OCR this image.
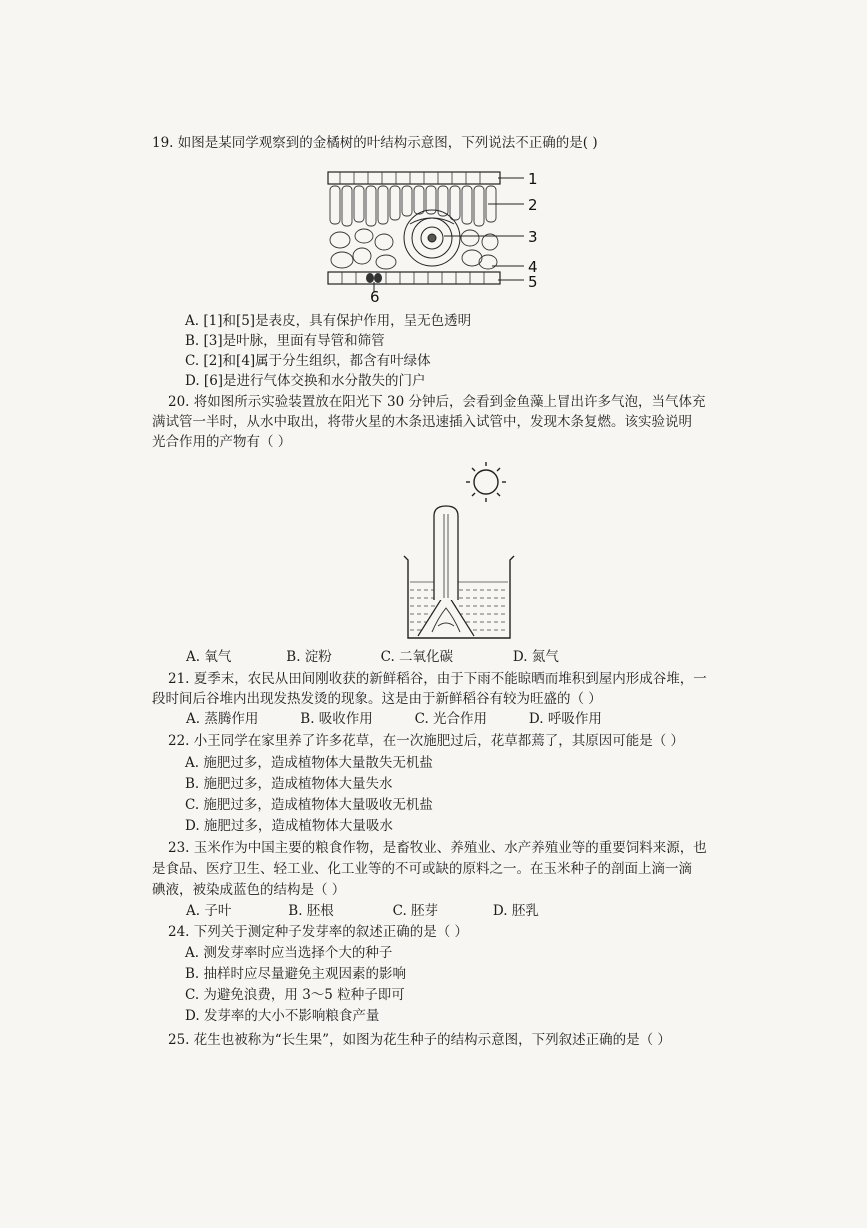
19. 如图是某同学观察到的金橘树的叶结构示意图，下列说法不正确的是( )
1
2
3
4
5
6
A. [1]和[5]是表皮，具有保护作用，呈无色透明
B. [3]是叶脉，里面有导管和筛管
C. [2]和[4]属于分生组织，都含有叶绿体
D. [6]是进行气体交换和水分散失的门户
20. 将如图所示实验装置放在阳光下 30 分钟后，会看到金鱼藻上冒出许多气泡，当气体充
满试管一半时，从水中取出，将带火星的木条迅速插入试管中，发现木条复燃。该实验说明
光合作用的产物有（ ）
A. 氧气	B. 淀粉	C. 二氧化碳	D. 氮气
21. 夏季末，农民从田间刚收获的新鲜稻谷，由于下雨不能晾晒而堆积到屋内形成谷堆，一
段时间后谷堆内出现发热发烫的现象。这是由于新鲜稻谷有较为旺盛的（ ）
A. 蒸腾作用	B. 吸收作用	C. 光合作用	D. 呼吸作用
22. 小王同学在家里养了许多花草，在一次施肥过后，花草都蔫了，其原因可能是（ ）
A. 施肥过多，造成植物体大量散失无机盐
B. 施肥过多，造成植物体大量失水
C. 施肥过多，造成植物体大量吸收无机盐
D. 施肥过多，造成植物体大量吸水
23. 玉米作为中国主要的粮食作物，是畜牧业、养殖业、水产养殖业等的重要饲料来源，也
是食品、医疗卫生、轻工业、化工业等的不可或缺的原料之一。在玉米种子的剖面上滴一滴
碘液，被染成蓝色的结构是（ ）
A. 子叶	B. 胚根	C. 胚芽	D. 胚乳
24. 下列关于测定种子发芽率的叙述正确的是（ ）
A. 测发芽率时应当选择个大的种子
B. 抽样时应尽量避免主观因素的影响
C. 为避免浪费，用 3～5 粒种子即可
D. 发芽率的大小不影响粮食产量
25. 花生也被称为“长生果”，如图为花生种子的结构示意图，下列叙述正确的是（ ）
